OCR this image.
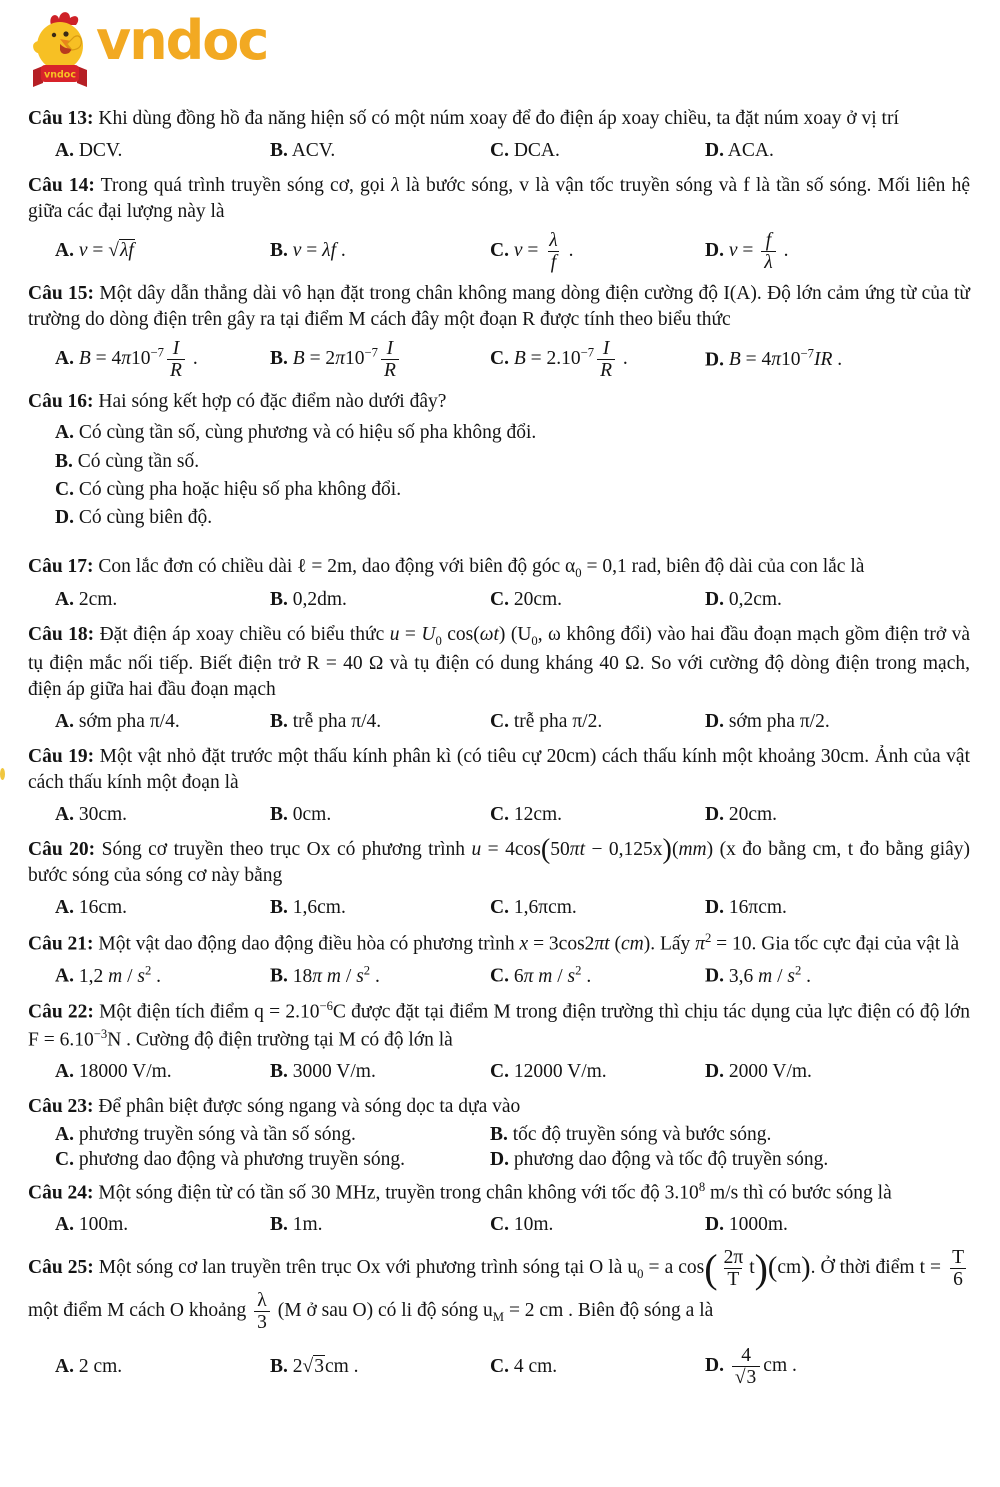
vndoc
vndoc
Câu 13: Khi dùng đồng hồ đa năng hiện số có một núm xoay để đo điện áp xoay chiều, ta đặt núm xoay ở vị trí
A. DCV.	B. ACV.	C. DCA.	D. ACA.
Câu 14: Trong quá trình truyền sóng cơ, gọi λ là bước sóng, v là vận tốc truyền sóng và f là tần số sóng. Mối liên hệ giữa các đại lượng này là
A. v = √λf	B. v = λf .	C. $v = \frac{\lambda}{f}$ .	D. $v = \frac{f}{\lambda}$ .
Câu 15: Một dây dẫn thẳng dài vô hạn đặt trong chân không mang dòng điện cường độ I(A). Độ lớn cảm ứng từ của từ trường do dòng điện trên gây ra tại điểm M cách đây một đoạn R được tính theo biểu thức
A. $B = 4\pi 10^{-7} \frac{I}{R}$ .	B. $B = 2\pi 10^{-7} \frac{I}{R}$	C. $B = 2.10^{-7} \frac{I}{R}$ .	D. $B = 4\pi 10^{-7}IR$ .
Câu 16: Hai sóng kết hợp có đặc điểm nào dưới đây?
A. Có cùng tần số, cùng phương và có hiệu số pha không đổi.
B. Có cùng tần số.
C. Có cùng pha hoặc hiệu số pha không đổi.
D. Có cùng biên độ.
Câu 17: Con lắc đơn có chiều dài ℓ = 2m, dao động với biên độ góc $\alpha_0 = 0,1$ rad, biên độ dài của con lắc là
A. 2cm.	B. 0,2dm.	C. 20cm.	D. 0,2cm.
Câu 18: Đặt điện áp xoay chiều có biểu thức $u = U_0$ cos(ωt) ($U_0$, ω không đổi) vào hai đầu đoạn mạch gồm điện trở và tụ điện mắc nối tiếp. Biết điện trở R = 40 Ω và tụ điện có dung kháng 40 Ω. So với cường độ dòng điện trong mạch, điện áp giữa hai đầu đoạn mạch
A. sớm pha π/4.	B. trễ pha π/4.	C. trễ pha π/2.	D. sớm pha π/2.
Câu 19: Một vật nhỏ đặt trước một thấu kính phân kì (có tiêu cự 20cm) cách thấu kính một khoảng 30cm. Ảnh của vật cách thấu kính một đoạn là
A. 30cm.	B. 0cm.	C. 12cm.	D. 20cm.
Câu 20: Sóng cơ truyền theo trục Ox có phương trình u = 4cos(50πt − 0,125x)(mm) (x đo bằng cm, t đo bằng giây) bước sóng của sóng cơ này bằng
A. 16cm.	B. 1,6cm.	C. 1,6πcm.	D. 16πcm.
Câu 21: Một vật dao động dao động điều hòa có phương trình x = 3cos2πt (cm). Lấy $\pi^2 = 10$. Gia tốc cực đại của vật là
A. 1,2 m / $s^2$ .	B. 18π m / $s^2$ .	C. 6π m / $s^2$ .	D. 3,6 m / $s^2$ .
Câu 22: Một điện tích điểm $q = 2.10^{-6}C$ được đặt tại điểm M trong điện trường thì chịu tác dụng của lực điện có độ lớn $F = 6.10^{-3}N$ . Cường độ điện trường tại M có độ lớn là
A. 18000 V/m.	B. 3000 V/m.	C. 12000 V/m.	D. 2000 V/m.
Câu 23: Để phân biệt được sóng ngang và sóng dọc ta dựa vào
A. phương truyền sóng và tần số sóng.	B. tốc độ truyền sóng và bước sóng.
C. phương dao động và phương truyền sóng.	D. phương dao động và tốc độ truyền sóng.
Câu 24: Một sóng điện từ có tần số 30 MHz, truyền trong chân không với tốc độ 3.10$^8$ m/s thì có bước sóng là
A. 100m.	B. 1m.	C. 10m.	D. 1000m.
Câu 25: Một sóng cơ lan truyền trên trục Ox với phương trình sóng tại O là $u_0 = a$ $\cos( \frac{2\pi}{T} t)(cm)$. Ở thời điểm $t = \frac{T}{6}$
một điểm M cách O khoảng $\frac{\lambda}{3} (M$ ở sau O) có li độ sóng $u_M = 2$ cm . Biên độ sóng a là
A. 2 cm.	B. 2√3cm .	C. 4 cm.	D. $\frac{4}{√3}$ cm .
